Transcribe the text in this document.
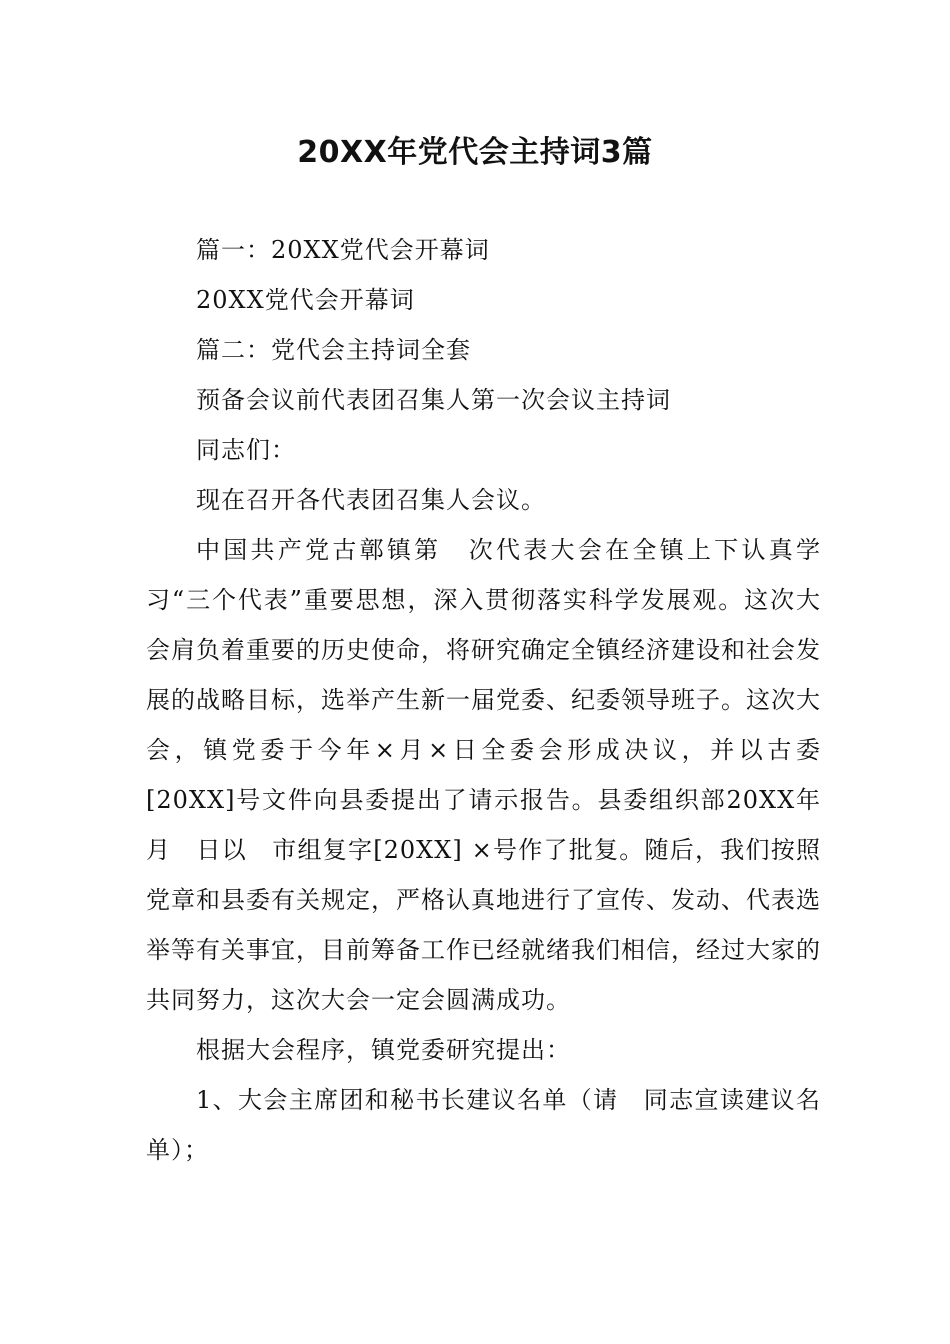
20XX年党代会主持词3篇

篇一：20XX党代会开幕词

20XX党代会开幕词

篇二：党代会主持词全套

预备会议前代表团召集人第一次会议主持词

同志们：

现在召开各代表团召集人会议。

中国共产党古鄣镇第　次代表大会在全镇上下认真学习“三个代表”重要思想，深入贯彻落实科学发展观。这次大会肩负着重要的历史使命，将研究确定全镇经济建设和社会发展的战略目标，选举产生新一届党委、纪委领导班子。这次大会，镇党委于今年×月×日全委会形成决议，并以古委[20XX]号文件向县委提出了请示报告。县委组织部20XX年　月　日以　市组复字[20XX] ×号作了批复。随后，我们按照党章和县委有关规定，严格认真地进行了宣传、发动、代表选举等有关事宜，目前筹备工作已经就绪我们相信，经过大家的共同努力，这次大会一定会圆满成功。

根据大会程序，镇党委研究提出：

1、大会主席团和秘书长建议名单（请　同志宣读建议名单）；
